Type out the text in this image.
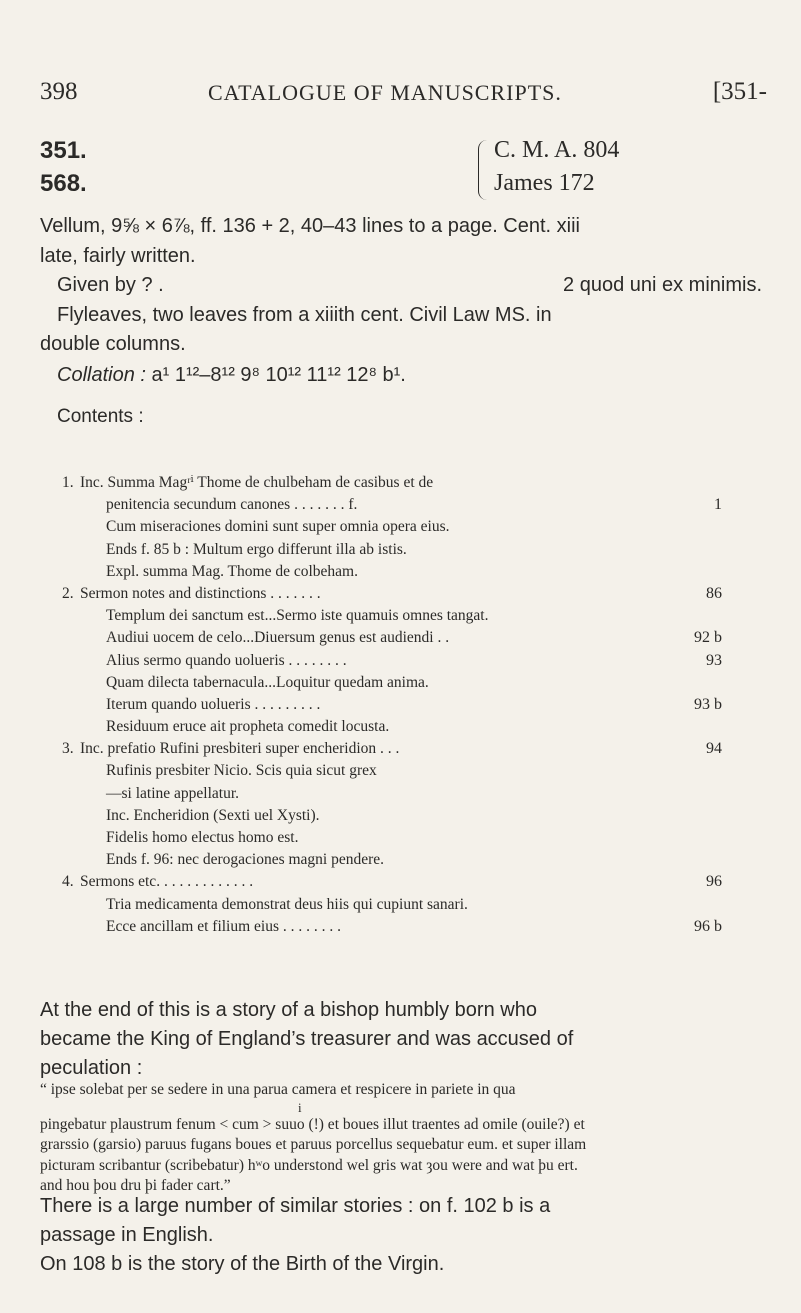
398	CATALOGUE OF MANUSCRIPTS.	[351-
351.
568.
C. M. A. 804
James 172
Vellum, 9⅝ × 6⅞, ff. 136 + 2, 40–43 lines to a page. Cent. xiii
late, fairly written.
Given by ? .	2 quod uni ex minimis.
Flyleaves, two leaves from a xiiith cent. Civil Law MS. in
double columns.
Collation : a¹ 1¹²–8¹² 9⁸ 10¹² 11¹² 12⁸ b¹.
Contents :
1. Inc. Summa Magʳⁱ Thome de chulbeham de casibus et de
penitencia secundum canones . . . . . . . f.	1
Cum miseraciones domini sunt super omnia opera eius.
Ends f. 85 b : Multum ergo differunt illa ab istis.
Expl. summa Mag. Thome de colbeham.
2. Sermon notes and distinctions . . . . . . .	86
Templum dei sanctum est...Sermo iste quamuis omnes tangat.
Audiui uocem de celo...Diuersum genus est audiendi . .	92 b
Alius sermo quando uolueris . . . . . . . .	93
Quam dilecta tabernacula...Loquitur quedam anima.
Iterum quando uolueris . . . . . . . . .	93 b
Residuum eruce ait propheta comedit locusta.
3. Inc. prefatio Rufini presbiteri super encheridion . . .	94
Rufinis presbiter Nicio. Scis quia sicut grex
—si latine appellatur.
Inc. Encheridion (Sexti uel Xysti).
Fidelis homo electus homo est.
Ends f. 96: nec derogaciones magni pendere.
4. Sermons etc. . . . . . . . . . . . .	96
Tria medicamenta demonstrat deus hiis qui cupiunt sanari.
Ecce ancillam et filium eius . . . . . . . .	96 b
At the end of this is a story of a bishop humbly born who
became the King of England’s treasurer and was accused of
peculation :
“ ipse solebat per se sedere in una parua camera et respicere in pariete in qua
i
pingebatur plaustrum fenum < cum > suuo (!) et boues illut traentes ad omile (ouile?) et
grarssio (garsio) paruus fugans boues et paruus porcellus sequebatur eum. et super illam
picturam scribantur (scribebatur) hʷo understond wel gris wat ȝou were and wat þu ert.
and hou þou dru þi fader cart.”
There is a large number of similar stories : on f. 102 b is a
passage in English.
On 108 b is the story of the Birth of the Virgin.
